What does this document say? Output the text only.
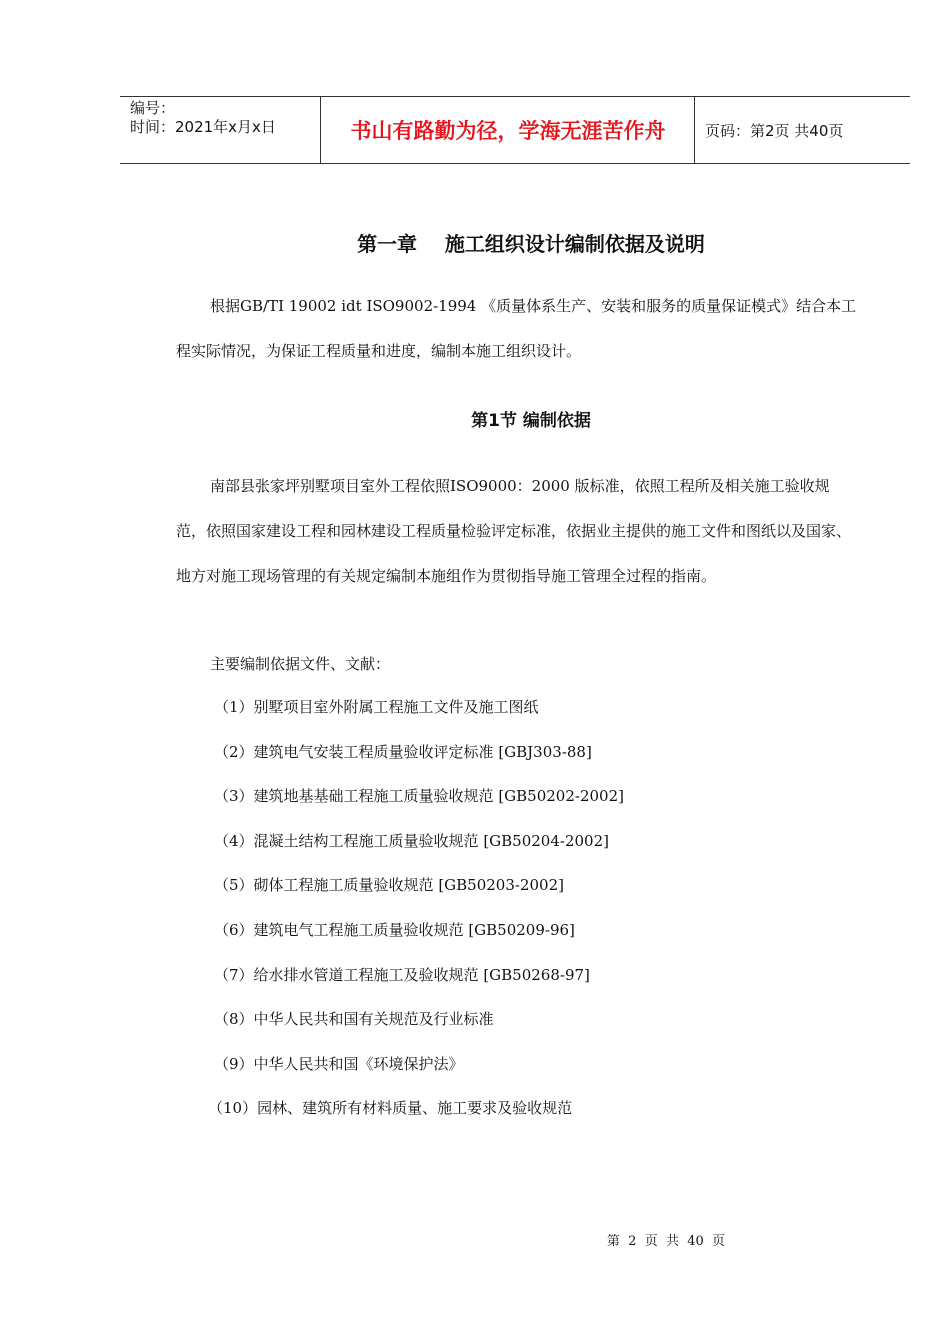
编号：
时间：2021年x月x日	书山有路勤为径，学海无涯苦作舟	页码：第2页 共40页
第一章    施工组织设计编制依据及说明

根据GB/TI 19002 idt ISO9002-1994 《质量体系生产、安装和服务的质量保证模式》结合本工程实际情况，为保证工程质量和进度，编制本施工组织设计。

第1节 编制依据

南部县张家坪别墅项目室外工程依照ISO9000：2000 版标准，依照工程所及相关施工验收规范，依照国家建设工程和园林建设工程质量检验评定标准，依据业主提供的施工文件和图纸以及国家、地方对施工现场管理的有关规定编制本施组作为贯彻指导施工管理全过程的指南。

主要编制依据文件、文献：
（1）别墅项目室外附属工程施工文件及施工图纸
（2）建筑电气安装工程质量验收评定标准 [GBJ303-88]
（3）建筑地基基础工程施工质量验收规范 [GB50202-2002]
（4）混凝土结构工程施工质量验收规范 [GB50204-2002]
（5）砌体工程施工质量验收规范 [GB50203-2002]
（6）建筑电气工程施工质量验收规范 [GB50209-96]
（7）给水排水管道工程施工及验收规范 [GB50268-97]
（8）中华人民共和国有关规范及行业标准
（9）中华人民共和国《环境保护法》
（10）园林、建筑所有材料质量、施工要求及验收规范
第  2  页  共  40  页
